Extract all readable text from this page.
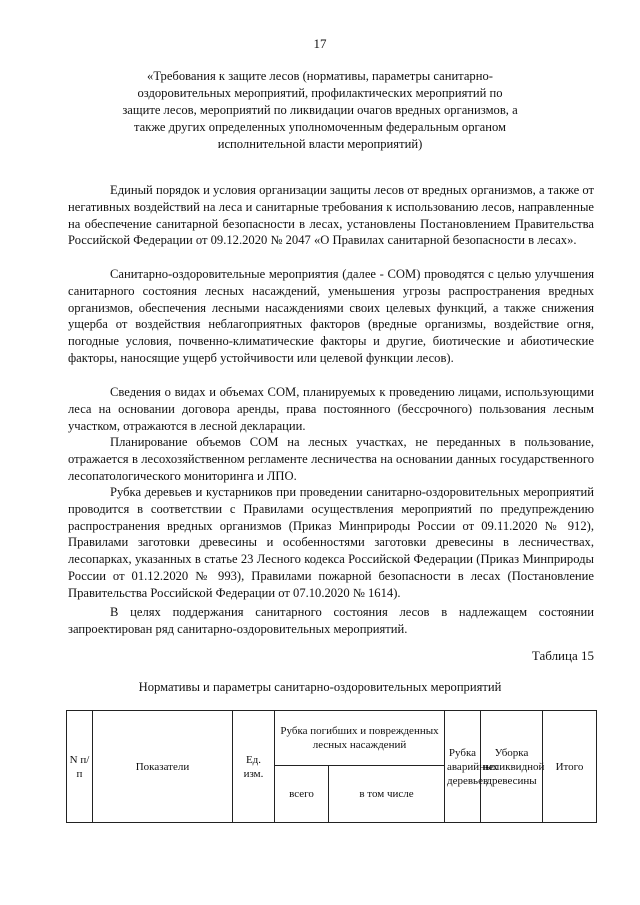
17
«Требования к защите лесов (нормативы, параметры санитарно-оздоровительных мероприятий, профилактических мероприятий по защите лесов, мероприятий по ликвидации очагов вредных организмов, а также других определенных уполномоченным федеральным органом исполнительной власти мероприятий)

Единый порядок и условия организации защиты лесов от вредных организмов, а также от негативных воздействий на леса и санитарные требования к использованию лесов, направленные на обеспечение санитарной безопасности в лесах, установлены Постановлением Правительства Российской Федерации от 09.12.2020 № 2047 «О Правилах санитарной безопасности в лесах».

Санитарно-оздоровительные мероприятия (далее - СОМ) проводятся с целью улучшения санитарного состояния лесных насаждений, уменьшения угрозы распространения вредных организмов, обеспечения лесными насаждениями своих целевых функций, а также снижения ущерба от воздействия неблагоприятных факторов (вредные организмы, воздействие огня, погодные условия, почвенно-климатические факторы и другие, биотические и абиотические факторы, наносящие ущерб устойчивости или целевой функции лесов).

Сведения о видах и объемах СОМ, планируемых к проведению лицами, использующими леса на основании договора аренды, права постоянного (бессрочного) пользования лесным участком, отражаются в лесной декларации.

Планирование объемов СОМ на лесных участках, не переданных в пользование, отражается в лесохозяйственном регламенте лесничества на основании данных государственного лесопатологического мониторинга и ЛПО.

Рубка деревьев и кустарников при проведении санитарно-оздоровительных мероприятий проводится в соответствии с Правилами осуществления мероприятий по предупреждению распространения вредных организмов (Приказ Минприроды России от 09.11.2020 № 912), Правилами заготовки древесины и особенностями заготовки древесины в лесничествах, лесопарках, указанных в статье 23 Лесного кодекса Российской Федерации (Приказ Минприроды России от 01.12.2020 № 993), Правилами пожарной безопасности в лесах (Постановление Правительства Российской Федерации от 07.10.2020 № 1614).

В целях поддержания санитарного состояния лесов в надлежащем состоянии запроектирован ряд санитарно-оздоровительных мероприятий.

Таблица 15
Нормативы и параметры санитарно-оздоровительных мероприятий
N п/п	Показатели	Ед. изм.	Рубка погибших и поврежденных лесных насаждений		Рубка аварийных деревьев	Уборка неликвидной древесины	Итого
			всего	в том числе			
